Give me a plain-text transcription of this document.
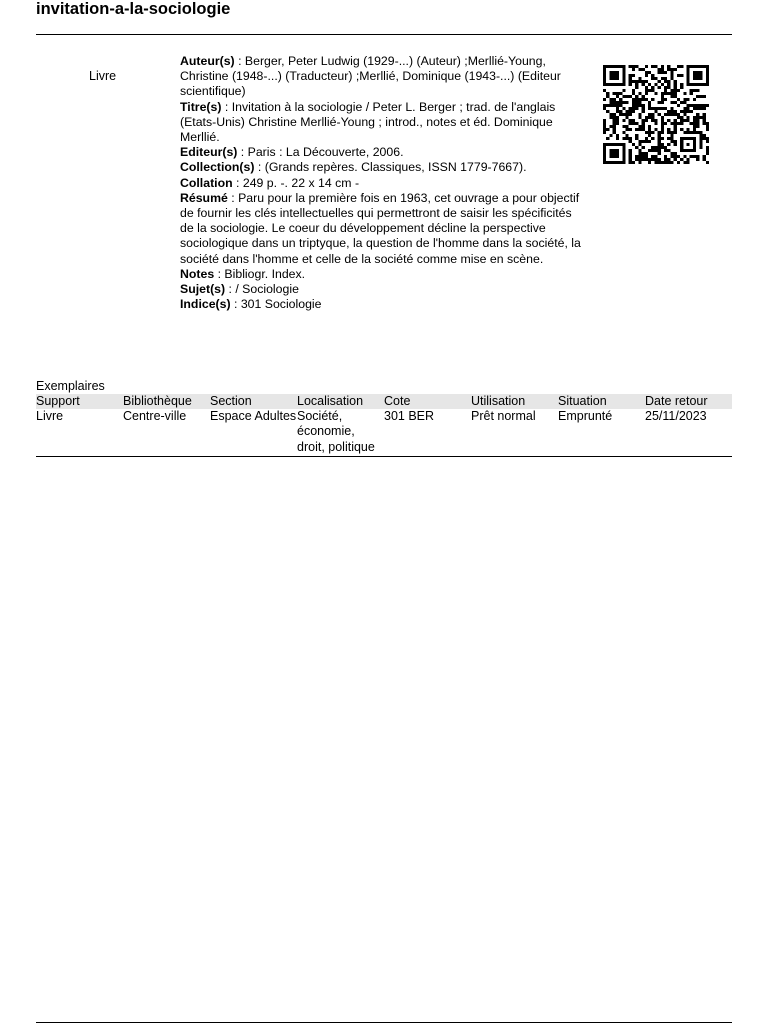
invitation-a-la-sociologie
Livre

Auteur(s) : Berger, Peter Ludwig (1929-...) (Auteur) ;Merllié-Young, Christine (1948-...) (Traducteur) ;Merllié, Dominique (1943-...) (Editeur scientifique)

Titre(s) : Invitation à la sociologie / Peter L. Berger ; trad. de l'anglais (Etats-Unis) Christine Merllié-Young ; introd., notes et éd. Dominique Merllié.

Editeur(s) : Paris : La Découverte, 2006.

Collection(s) : (Grands repères. Classiques, ISSN 1779-7667).

Collation : 249 p. -. 22 x 14 cm -

Résumé : Paru pour la première fois en 1963, cet ouvrage a pour objectif de fournir les clés intellectuelles qui permettront de saisir les spécificités de la sociologie. Le coeur du développement décline la perspective sociologique dans un triptyque, la question de l'homme dans la société, la société dans l'homme et celle de la société comme mise en scène.

Notes : Bibliogr. Index.

Sujet(s) : / Sociologie

Indice(s) : 301 Sociologie

Exemplaires
Support	Bibliothèque	Section	Localisation	Cote	Utilisation	Situation	Date retour
Livre	Centre-ville	Espace Adultes	Société, économie, droit, politique	301 BER	Prêt normal	Emprunté	25/11/2023
